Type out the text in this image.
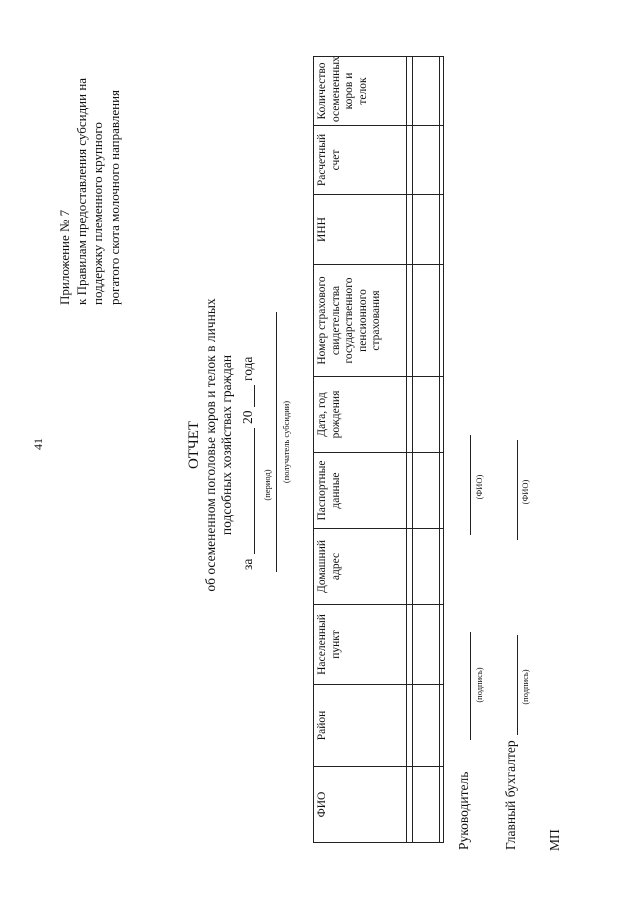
41
Приложение № 7 к Правилам предоставления субсидии на поддержку племенного крупного рогатого скота молочного направления
ОТЧЕТ об осемененном поголовье коров и телок в личных подсобных хозяйствах граждан
за
20
года
(период)
(получатель субсидии)
ФИО	Район	Населенный пункт	Домашний адрес	Паспортные данные	Дата, год рождения	Номер страхового свидетельства государственного пенсионного страхования	ИНН	Расчетный счет	Количество осемененных коров и телок

Руководитель
(подпись)
(ФИО)
Главный бухгалтер
(подпись)
(ФИО)
МП
